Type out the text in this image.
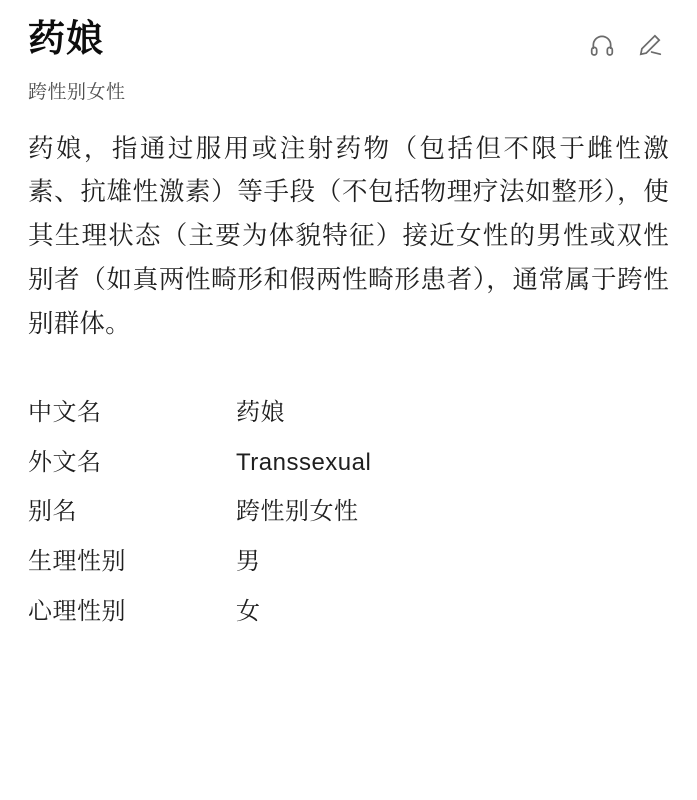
药娘
跨性别女性
药娘，指通过服用或注射药物（包括但不限于雌性激素、抗雄性激素）等手段（不包括物理疗法如整形），使其生理状态（主要为体貌特征）接近女性的男性或双性别者（如真两性畸形和假两性畸形患者），通常属于跨性别群体。
中文名	药娘
外文名	Transsexual
别名	跨性别女性
生理性别	男
心理性别	女
